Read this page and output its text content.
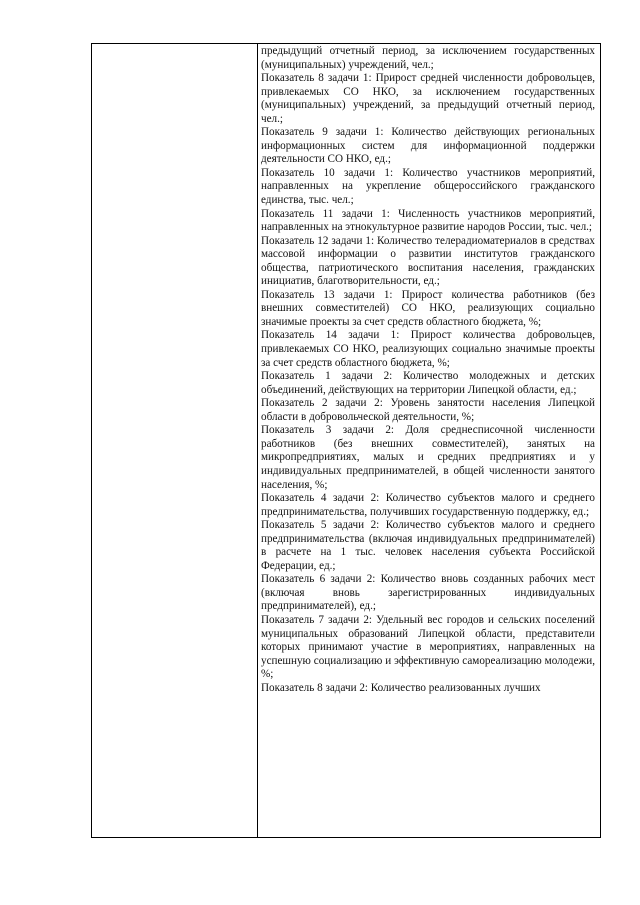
предыдущий отчетный период, за исключением государственных (муниципальных) учреждений, чел.;

Показатель 8 задачи 1: Прирост средней численности добровольцев, привлекаемых СО НКО, за исключением государственных (муниципальных) учреждений, за предыдущий отчетный период, чел.;

Показатель 9 задачи 1: Количество действующих региональных информационных систем для информационной поддержки деятельности СО НКО, ед.;

Показатель 10 задачи 1: Количество участников мероприятий, направленных на укрепление общероссийского гражданского единства, тыс. чел.;

Показатель 11 задачи 1: Численность участников мероприятий, направленных на этнокультурное развитие народов России, тыс. чел.;

Показатель 12 задачи 1: Количество телерадиоматериалов в средствах массовой информации о развитии институтов гражданского общества, патриотического воспитания населения, гражданских инициатив, благотворительности, ед.;

Показатель 13 задачи 1: Прирост количества работников (без внешних совместителей) СО НКО, реализующих социально значимые проекты за счет средств областного бюджета, %;

Показатель 14 задачи 1: Прирост количества добровольцев, привлекаемых СО НКО, реализующих социально значимые проекты за счет средств областного бюджета, %;

Показатель 1 задачи 2: Количество молодежных и детских объединений, действующих на территории Липецкой области, ед.;

Показатель 2 задачи 2: Уровень занятости населения Липецкой области в добровольческой деятельности, %;

Показатель 3 задачи 2: Доля среднесписочной численности работников (без внешних совместителей), занятых на микропредприятиях, малых и средних предприятиях и у индивидуальных предпринимателей, в общей численности занятого населения, %;

Показатель 4 задачи 2: Количество субъектов малого и среднего предпринимательства, получивших государственную поддержку, ед.;

Показатель 5 задачи 2: Количество субъектов малого и среднего предпринимательства (включая индивидуальных предпринимателей) в расчете на 1 тыс. человек населения субъекта Российской Федерации, ед.;

Показатель 6 задачи 2: Количество вновь созданных рабочих мест (включая вновь зарегистрированных индивидуальных предпринимателей), ед.;

Показатель 7 задачи 2: Удельный вес городов и сельских поселений муниципальных образований Липецкой области, представители которых принимают участие в мероприятиях, направленных на успешную социализацию и эффективную самореализацию молодежи, %;

Показатель 8 задачи 2: Количество реализованных лучших
